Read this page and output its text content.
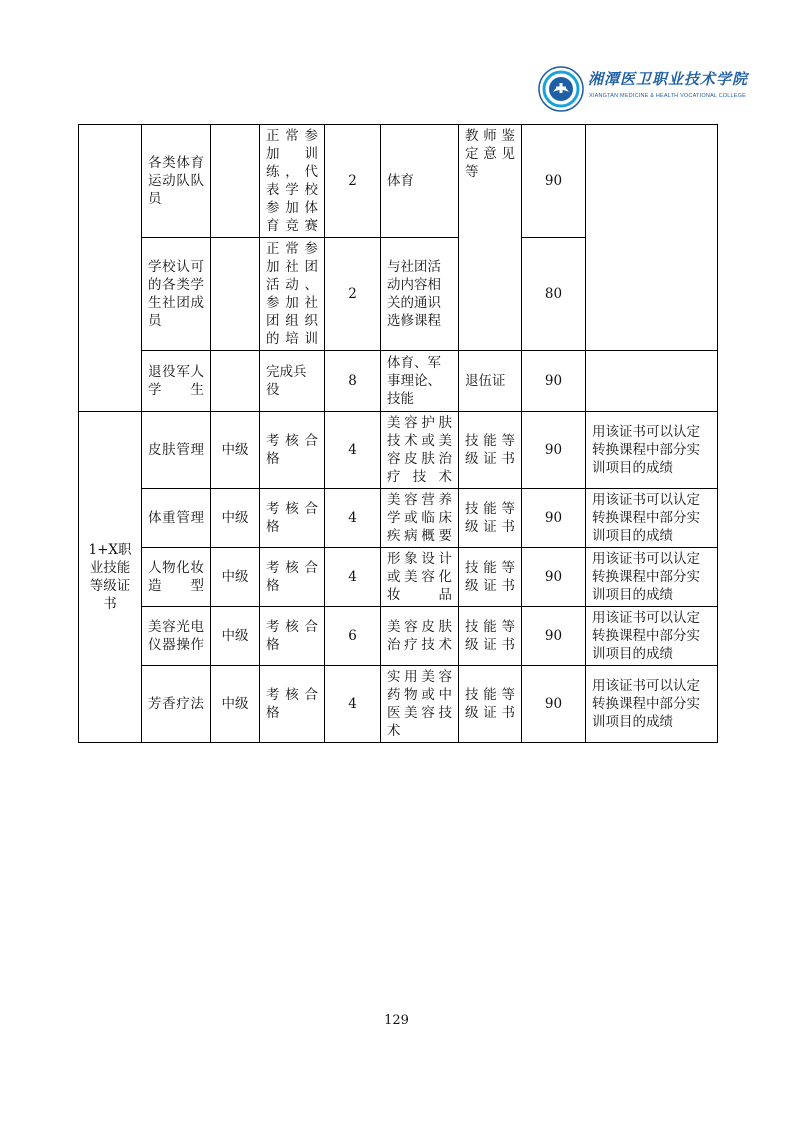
湘潭医卫职业技术学院
XIANGTAN MEDICINE & HEALTH VOCATIONAL COLLEGE
	各类体育运动队队员		正常参加训练，代表学校参加体育竞赛	2	体育	教师鉴定意见等	90	
	学校认可的各类学生社团成员		正常参加社团活动、参加社团组织的培训	2	与社团活动内容相关的通识选修课程		80	
	退役军人学生		完成兵役	8	体育、军事理论、技能	退伍证	90	
1+X职业技能等级证书	皮肤管理	中级	考核合格	4	美容护肤技术或美容皮肤治疗技术	技能等级证书	90	用该证书可以认定转换课程中部分实训项目的成绩
	体重管理	中级	考核合格	4	美容营养学或临床疾病概要	技能等级证书	90	用该证书可以认定转换课程中部分实训项目的成绩
	人物化妆造型	中级	考核合格	4	形象设计或美容化妆品	技能等级证书	90	用该证书可以认定转换课程中部分实训项目的成绩
	美容光电仪器操作	中级	考核合格	6	美容皮肤治疗技术	技能等级证书	90	用该证书可以认定转换课程中部分实训项目的成绩
	芳香疗法	中级	考核合格	4	实用美容药物或中医美容技术	技能等级证书	90	用该证书可以认定转换课程中部分实训项目的成绩
129
